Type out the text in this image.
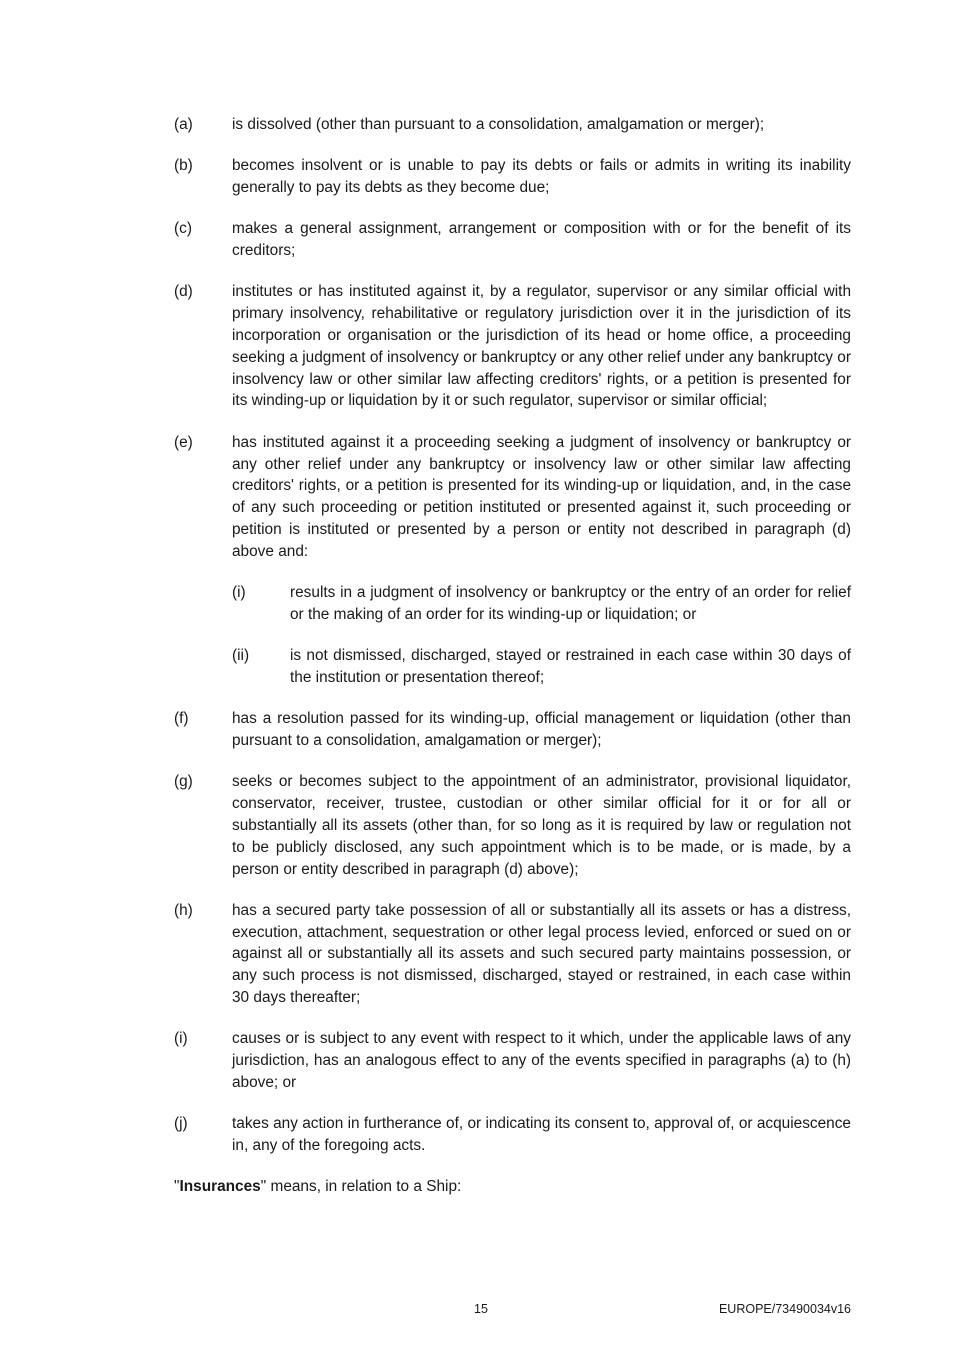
(a)	is dissolved (other than pursuant to a consolidation, amalgamation or merger);
(b)	becomes insolvent or is unable to pay its debts or fails or admits in writing its inability generally to pay its debts as they become due;
(c)	makes a general assignment, arrangement or composition with or for the benefit of its creditors;
(d)	institutes or has instituted against it, by a regulator, supervisor or any similar official with primary insolvency, rehabilitative or regulatory jurisdiction over it in the jurisdiction of its incorporation or organisation or the jurisdiction of its head or home office, a proceeding seeking a judgment of insolvency or bankruptcy or any other relief under any bankruptcy or insolvency law or other similar law affecting creditors' rights, or a petition is presented for its winding-up or liquidation by it or such regulator, supervisor or similar official;
(e)	has instituted against it a proceeding seeking a judgment of insolvency or bankruptcy or any other relief under any bankruptcy or insolvency law or other similar law affecting creditors' rights, or a petition is presented for its winding-up or liquidation, and, in the case of any such proceeding or petition instituted or presented against it, such proceeding or petition is instituted or presented by a person or entity not described in paragraph (d) above and:
(i)	results in a judgment of insolvency or bankruptcy or the entry of an order for relief or the making of an order for its winding-up or liquidation; or
(ii)	is not dismissed, discharged, stayed or restrained in each case within 30 days of the institution or presentation thereof;
(f)	has a resolution passed for its winding-up, official management or liquidation (other than pursuant to a consolidation, amalgamation or merger);
(g)	seeks or becomes subject to the appointment of an administrator, provisional liquidator, conservator, receiver, trustee, custodian or other similar official for it or for all or substantially all its assets (other than, for so long as it is required by law or regulation not to be publicly disclosed, any such appointment which is to be made, or is made, by a person or entity described in paragraph (d) above);
(h)	has a secured party take possession of all or substantially all its assets or has a distress, execution, attachment, sequestration or other legal process levied, enforced or sued on or against all or substantially all its assets and such secured party maintains possession, or any such process is not dismissed, discharged, stayed or restrained, in each case within 30 days thereafter;
(i)	causes or is subject to any event with respect to it which, under the applicable laws of any jurisdiction, has an analogous effect to any of the events specified in paragraphs (a) to (h) above; or
(j)	takes any action in furtherance of, or indicating its consent to, approval of, or acquiescence in, any of the foregoing acts.
"Insurances" means, in relation to a Ship:
15	EUROPE/73490034v16
